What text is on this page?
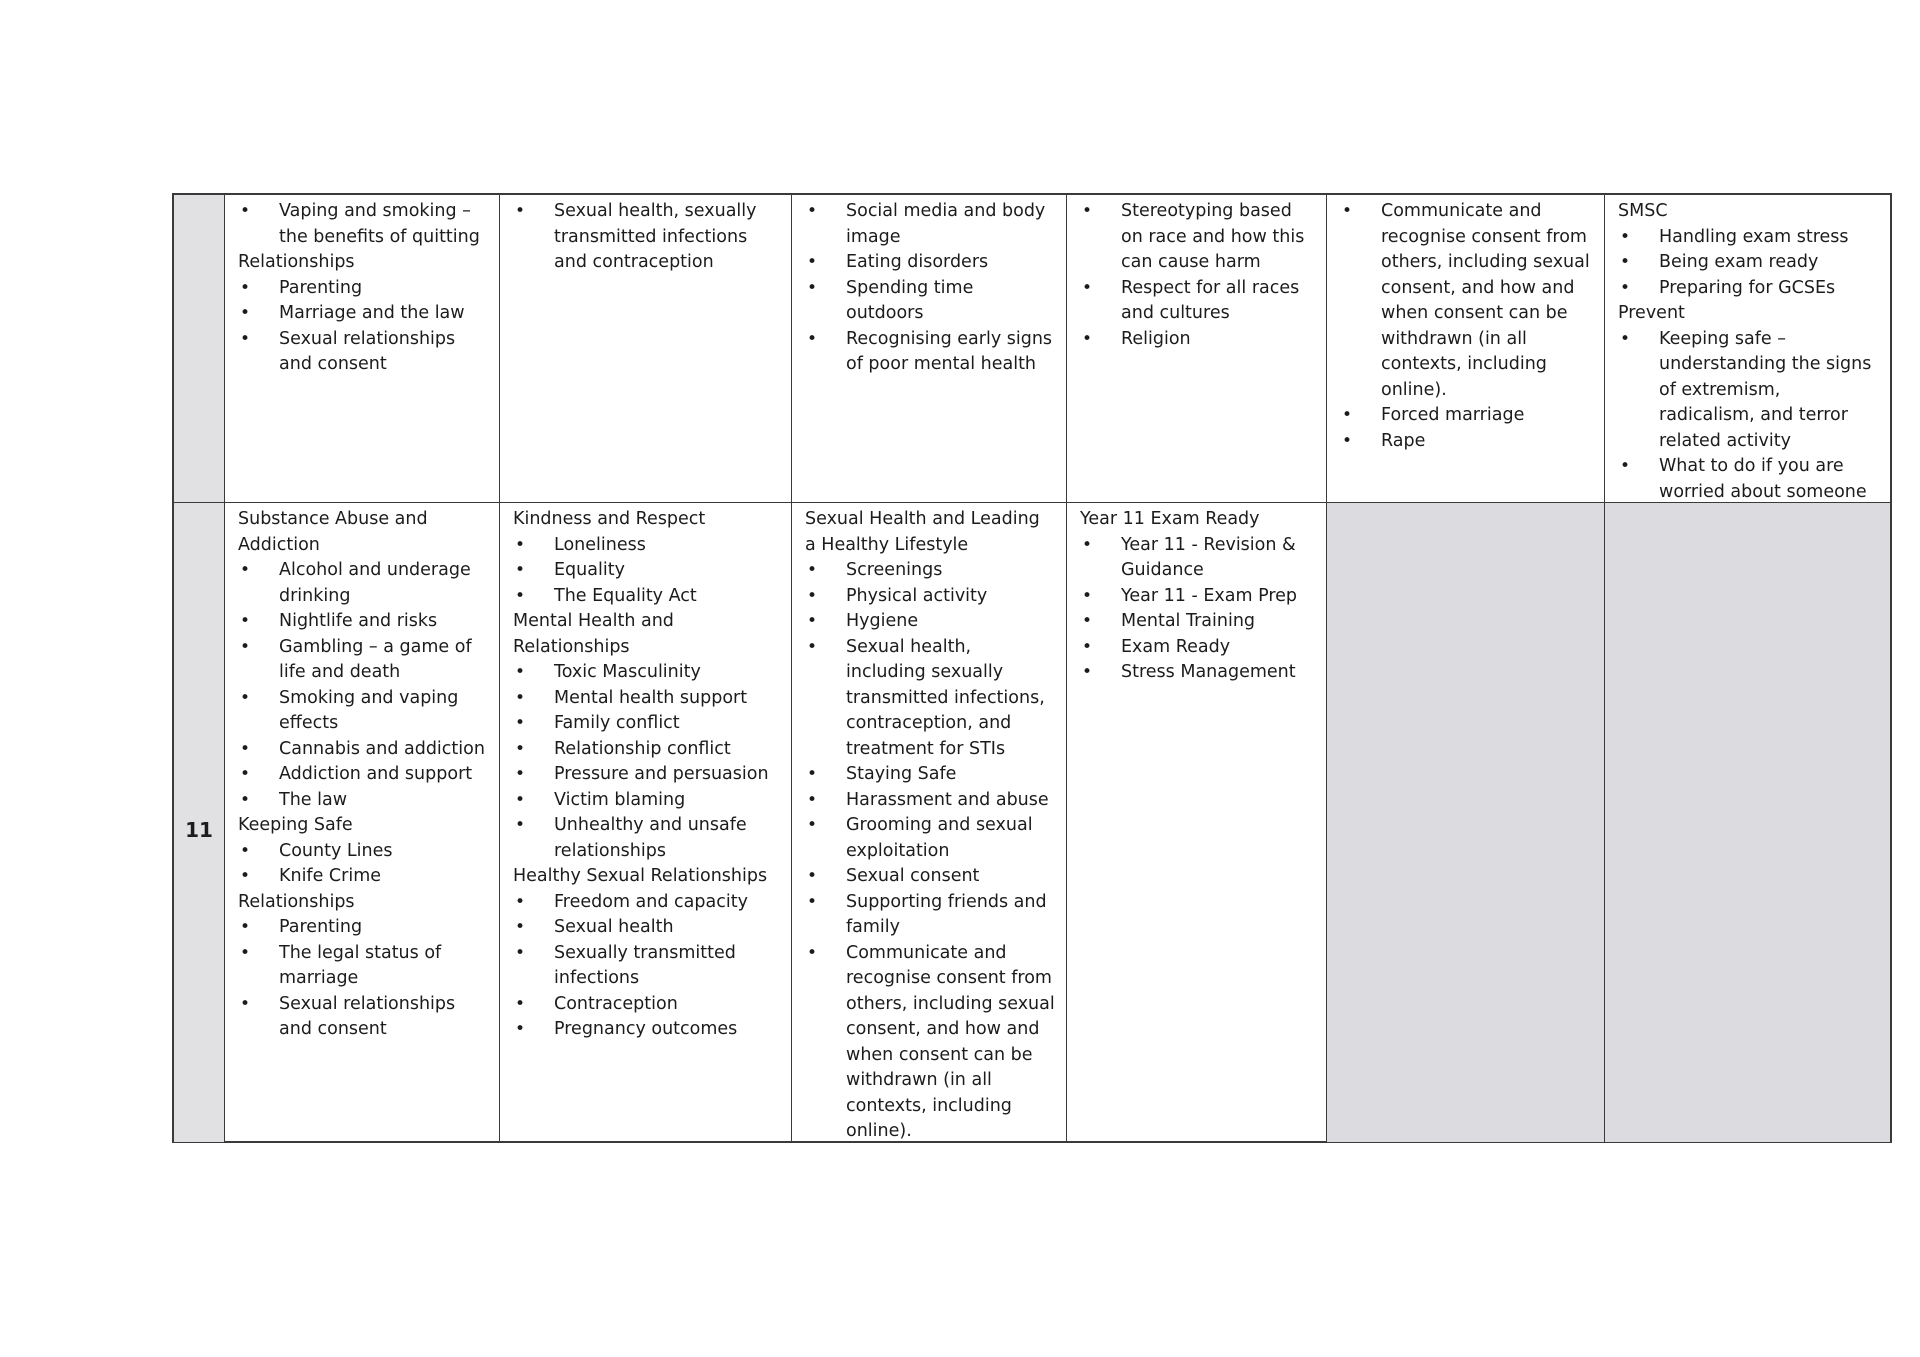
• Vaping and smoking – the benefits of quitting
Relationships
• Parenting
• Marriage and the law
• Sexual relationships and consent
• Sexual health, sexually transmitted infections and contraception
• Social media and body image
• Eating disorders
• Spending time outdoors
• Recognising early signs of poor mental health
• Stereotyping based on race and how this can cause harm
• Respect for all races and cultures
• Religion
• Communicate and recognise consent from others, including sexual consent, and how and when consent can be withdrawn (in all contexts, including online).
• Forced marriage
• Rape
SMSC
• Handling exam stress
• Being exam ready
• Preparing for GCSEs
Prevent
• Keeping safe – understanding the signs of extremism, radicalism, and terror related activity
• What to do if you are worried about someone
11
Substance Abuse and Addiction
• Alcohol and underage drinking
• Nightlife and risks
• Gambling – a game of life and death
• Smoking and vaping effects
• Cannabis and addiction
• Addiction and support
• The law
Keeping Safe
• County Lines
• Knife Crime
Relationships
• Parenting
• The legal status of marriage
• Sexual relationships and consent
Kindness and Respect
• Loneliness
• Equality
• The Equality Act
Mental Health and Relationships
• Toxic Masculinity
• Mental health support
• Family conflict
• Relationship conflict
• Pressure and persuasion
• Victim blaming
• Unhealthy and unsafe relationships
Healthy Sexual Relationships
• Freedom and capacity
• Sexual health
• Sexually transmitted infections
• Contraception
• Pregnancy outcomes
Sexual Health and Leading a Healthy Lifestyle
• Screenings
• Physical activity
• Hygiene
• Sexual health, including sexually transmitted infections, contraception, and treatment for STIs
• Staying Safe
• Harassment and abuse
• Grooming and sexual exploitation
• Sexual consent
• Supporting friends and family
• Communicate and recognise consent from others, including sexual consent, and how and when consent can be withdrawn (in all contexts, including online).
Year 11 Exam Ready
• Year 11 - Revision & Guidance
• Year 11 - Exam Prep
• Mental Training
• Exam Ready
• Stress Management
